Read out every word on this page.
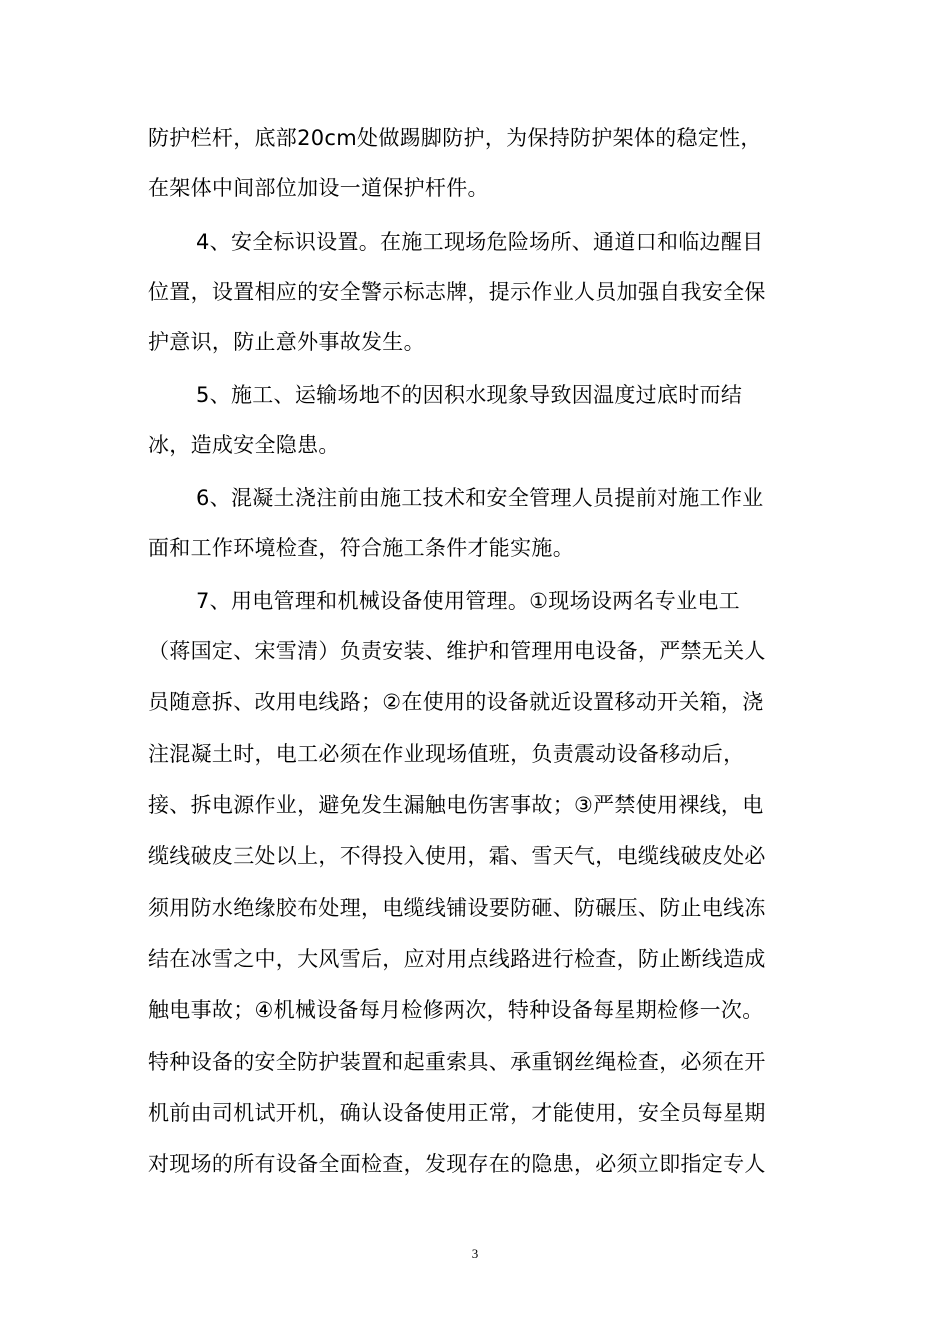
防护栏杆，底部20cm处做踢脚防护，为保持防护架体的稳定性，
在架体中间部位加设一道保护杆件。
4、安全标识设置。在施工现场危险场所、通道口和临边醒目
位置，设置相应的安全警示标志牌，提示作业人员加强自我安全保
护意识，防止意外事故发生。
5、施工、运输场地不的因积水现象导致因温度过底时而结
冰，造成安全隐患。
6、混凝土浇注前由施工技术和安全管理人员提前对施工作业
面和工作环境检查，符合施工条件才能实施。
7、用电管理和机械设备使用管理。①现场设两名专业电工
（蒋国定、宋雪清）负责安装、维护和管理用电设备，严禁无关人
员随意拆、改用电线路；②在使用的设备就近设置移动开关箱，浇
注混凝土时，电工必须在作业现场值班，负责震动设备移动后，
接、拆电源作业，避免发生漏触电伤害事故；③严禁使用裸线，电
缆线破皮三处以上，不得投入使用，霜、雪天气，电缆线破皮处必
须用防水绝缘胶布处理，电缆线铺设要防砸、防碾压、防止电线冻
结在冰雪之中，大风雪后，应对用点线路进行检查，防止断线造成
触电事故；④机械设备每月检修两次，特种设备每星期检修一次。
特种设备的安全防护装置和起重索具、承重钢丝绳检查，必须在开
机前由司机试开机，确认设备使用正常，才能使用，安全员每星期
对现场的所有设备全面检查，发现存在的隐患，必须立即指定专人
3
